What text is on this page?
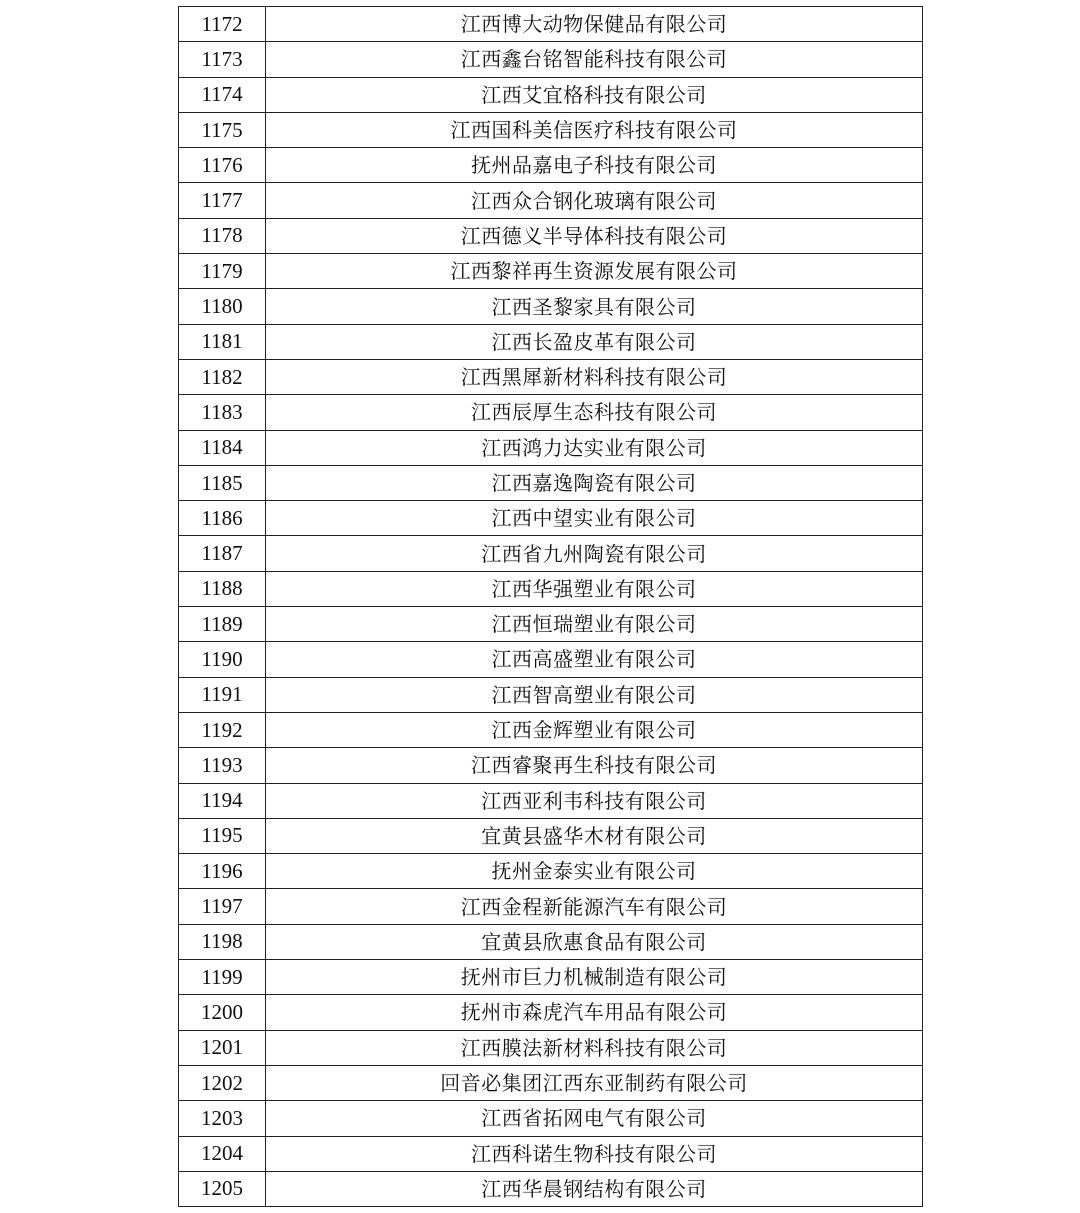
1172	江西博大动物保健品有限公司
1173	江西鑫台铭智能科技有限公司
1174	江西艾宜格科技有限公司
1175	江西国科美信医疗科技有限公司
1176	抚州品嘉电子科技有限公司
1177	江西众合钢化玻璃有限公司
1178	江西德义半导体科技有限公司
1179	江西黎祥再生资源发展有限公司
1180	江西圣黎家具有限公司
1181	江西长盈皮革有限公司
1182	江西黑犀新材料科技有限公司
1183	江西辰厚生态科技有限公司
1184	江西鸿力达实业有限公司
1185	江西嘉逸陶瓷有限公司
1186	江西中望实业有限公司
1187	江西省九州陶瓷有限公司
1188	江西华强塑业有限公司
1189	江西恒瑞塑业有限公司
1190	江西高盛塑业有限公司
1191	江西智高塑业有限公司
1192	江西金辉塑业有限公司
1193	江西睿聚再生科技有限公司
1194	江西亚利韦科技有限公司
1195	宜黄县盛华木材有限公司
1196	抚州金泰实业有限公司
1197	江西金程新能源汽车有限公司
1198	宜黄县欣惠食品有限公司
1199	抚州市巨力机械制造有限公司
1200	抚州市森虎汽车用品有限公司
1201	江西膜法新材料科技有限公司
1202	回音必集团江西东亚制药有限公司
1203	江西省拓网电气有限公司
1204	江西科诺生物科技有限公司
1205	江西华晨钢结构有限公司
